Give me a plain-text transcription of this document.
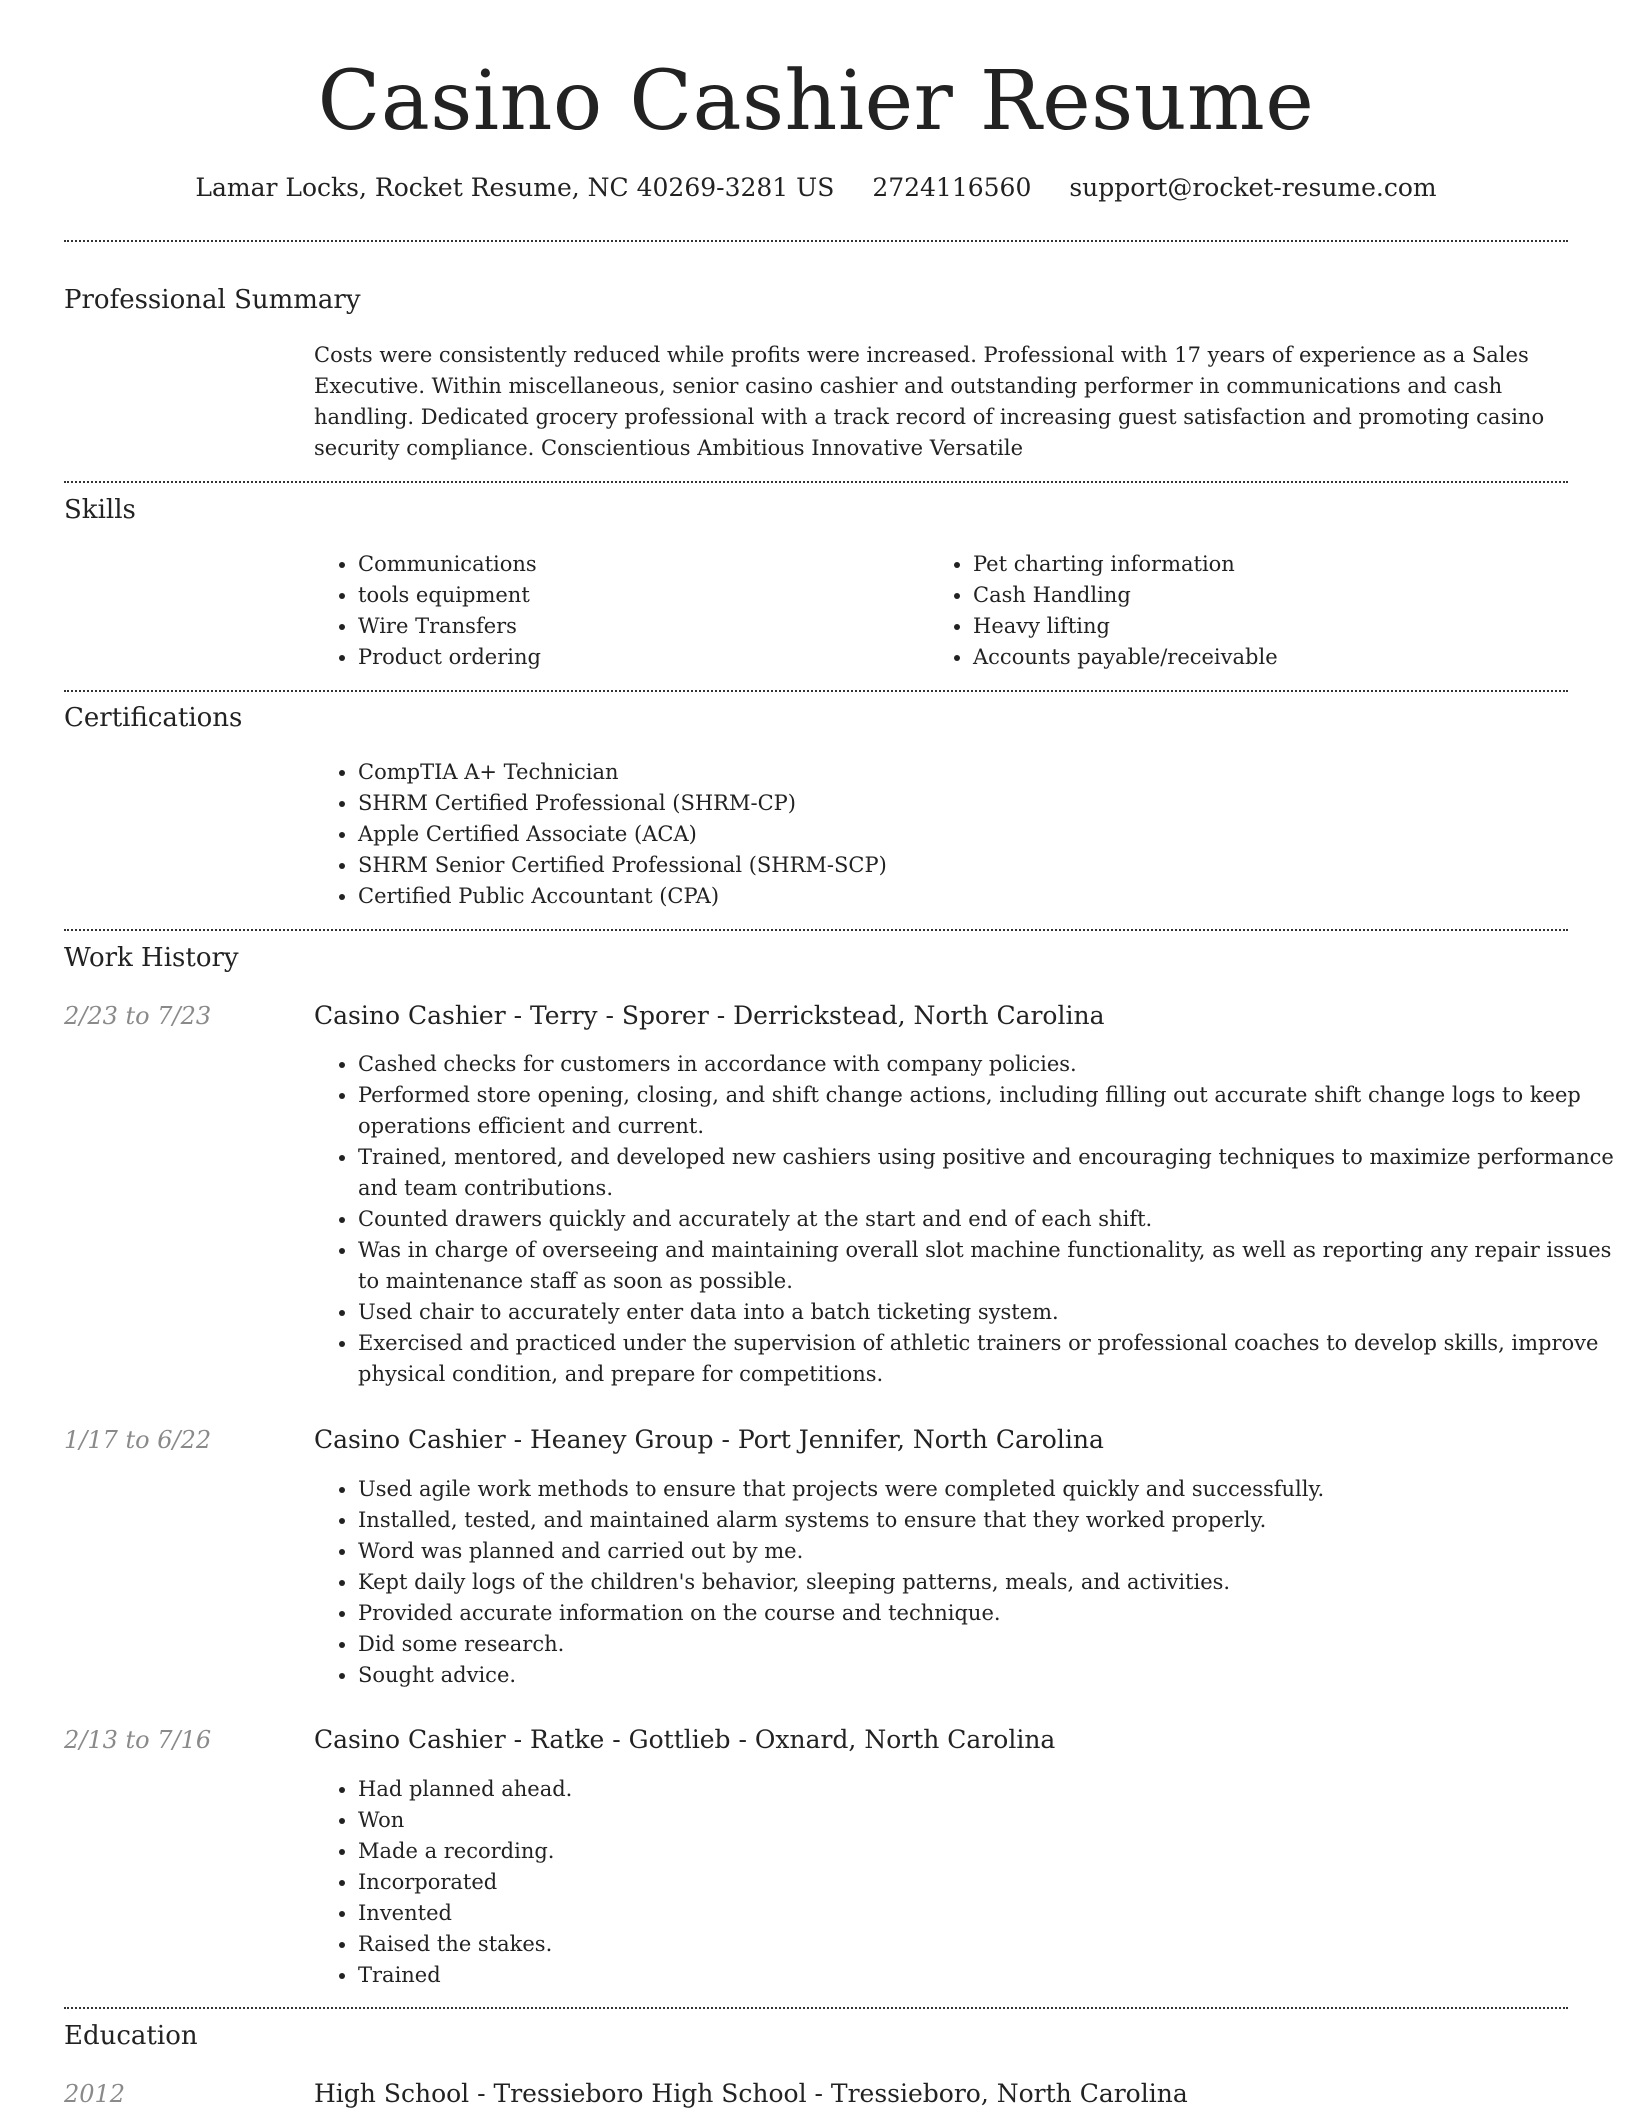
Casino Cashier Resume
Lamar Locks, Rocket Resume, NC 40269-3281 US 2724116560 support@rocket-resume.com
Professional Summary

Costs were consistently reduced while profits were increased. Professional with 17 years of experience as a Sales Executive. Within miscellaneous, senior casino cashier and outstanding performer in communications and cash handling. Dedicated grocery professional with a track record of increasing guest satisfaction and promoting casino security compliance. Conscientious Ambitious Innovative Versatile

Skills
• Communications
• tools equipment
• Wire Transfers
• Product ordering
• Pet charting information
• Cash Handling
• Heavy lifting
• Accounts payable/receivable
Certifications
• CompTIA A+ Technician
• SHRM Certified Professional (SHRM-CP)
• Apple Certified Associate (ACA)
• SHRM Senior Certified Professional (SHRM-SCP)
• Certified Public Accountant (CPA)
Work History
2/23 to 7/23	Casino Cashier - Terry - Sporer - Derrickstead, North Carolina
• Cashed checks for customers in accordance with company policies.
• Performed store opening, closing, and shift change actions, including filling out accurate shift change logs to keep operations efficient and current.
• Trained, mentored, and developed new cashiers using positive and encouraging techniques to maximize performance and team contributions.
• Counted drawers quickly and accurately at the start and end of each shift.
• Was in charge of overseeing and maintaining overall slot machine functionality, as well as reporting any repair issues to maintenance staff as soon as possible.
• Used chair to accurately enter data into a batch ticketing system.
• Exercised and practiced under the supervision of athletic trainers or professional coaches to develop skills, improve physical condition, and prepare for competitions.
1/17 to 6/22	Casino Cashier - Heaney Group - Port Jennifer, North Carolina
• Used agile work methods to ensure that projects were completed quickly and successfully.
• Installed, tested, and maintained alarm systems to ensure that they worked properly.
• Word was planned and carried out by me.
• Kept daily logs of the children's behavior, sleeping patterns, meals, and activities.
• Provided accurate information on the course and technique.
• Did some research.
• Sought advice.
2/13 to 7/16	Casino Cashier - Ratke - Gottlieb - Oxnard, North Carolina
• Had planned ahead.
• Won
• Made a recording.
• Incorporated
• Invented
• Raised the stakes.
• Trained
Education
2012	High School - Tressieboro High School - Tressieboro, North Carolina
